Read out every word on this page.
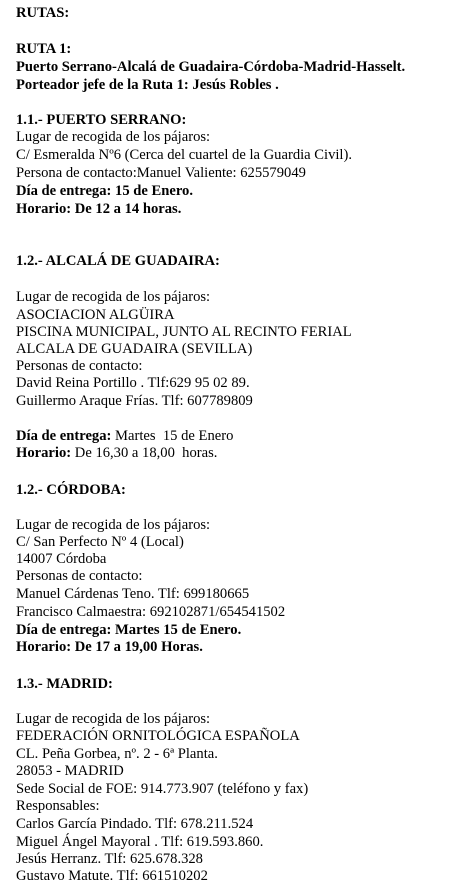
RUTAS:
RUTA 1:
Puerto Serrano-Alcalá de Guadaira-Córdoba-Madrid-Hasselt.
Porteador jefe de la Ruta 1: Jesús Robles .
1.1.- PUERTO SERRANO:
Lugar de recogida de los pájaros:
C/ Esmeralda Nº6 (Cerca del cuartel de la Guardia Civil).
Persona de contacto:Manuel Valiente: 625579049
Día de entrega: 15 de Enero.
Horario: De 12 a 14 horas.
1.2.- ALCALÁ DE GUADAIRA:
Lugar de recogida de los pájaros:
ASOCIACION ALGÜIRA
PISCINA MUNICIPAL, JUNTO AL RECINTO FERIAL
ALCALA DE GUADAIRA (SEVILLA)
Personas de contacto:
David Reina Portillo . Tlf:629 95 02 89.
Guillermo Araque Frías. Tlf: 607789809
Día de entrega: Martes  15 de Enero
Horario: De 16,30 a 18,00  horas.
1.2.- CÓRDOBA:
Lugar de recogida de los pájaros:
C/ San Perfecto Nº 4 (Local)
14007 Córdoba
Personas de contacto:
Manuel Cárdenas Teno. Tlf: 699180665
Francisco Calmaestra: 692102871/654541502
Día de entrega: Martes 15 de Enero.
Horario: De 17 a 19,00 Horas.
1.3.- MADRID:
Lugar de recogida de los pájaros:
FEDERACIÓN ORNITOLÓGICA ESPAÑOLA
CL. Peña Gorbea, nº. 2 - 6ª Planta.
28053 - MADRID
Sede Social de FOE: 914.773.907 (teléfono y fax)
Responsables:
Carlos García Pindado. Tlf: 678.211.524
Miguel Ángel Mayoral . Tlf: 619.593.860.
Jesús Herranz. Tlf: 625.678.328
Gustavo Matute. Tlf: 661510202
